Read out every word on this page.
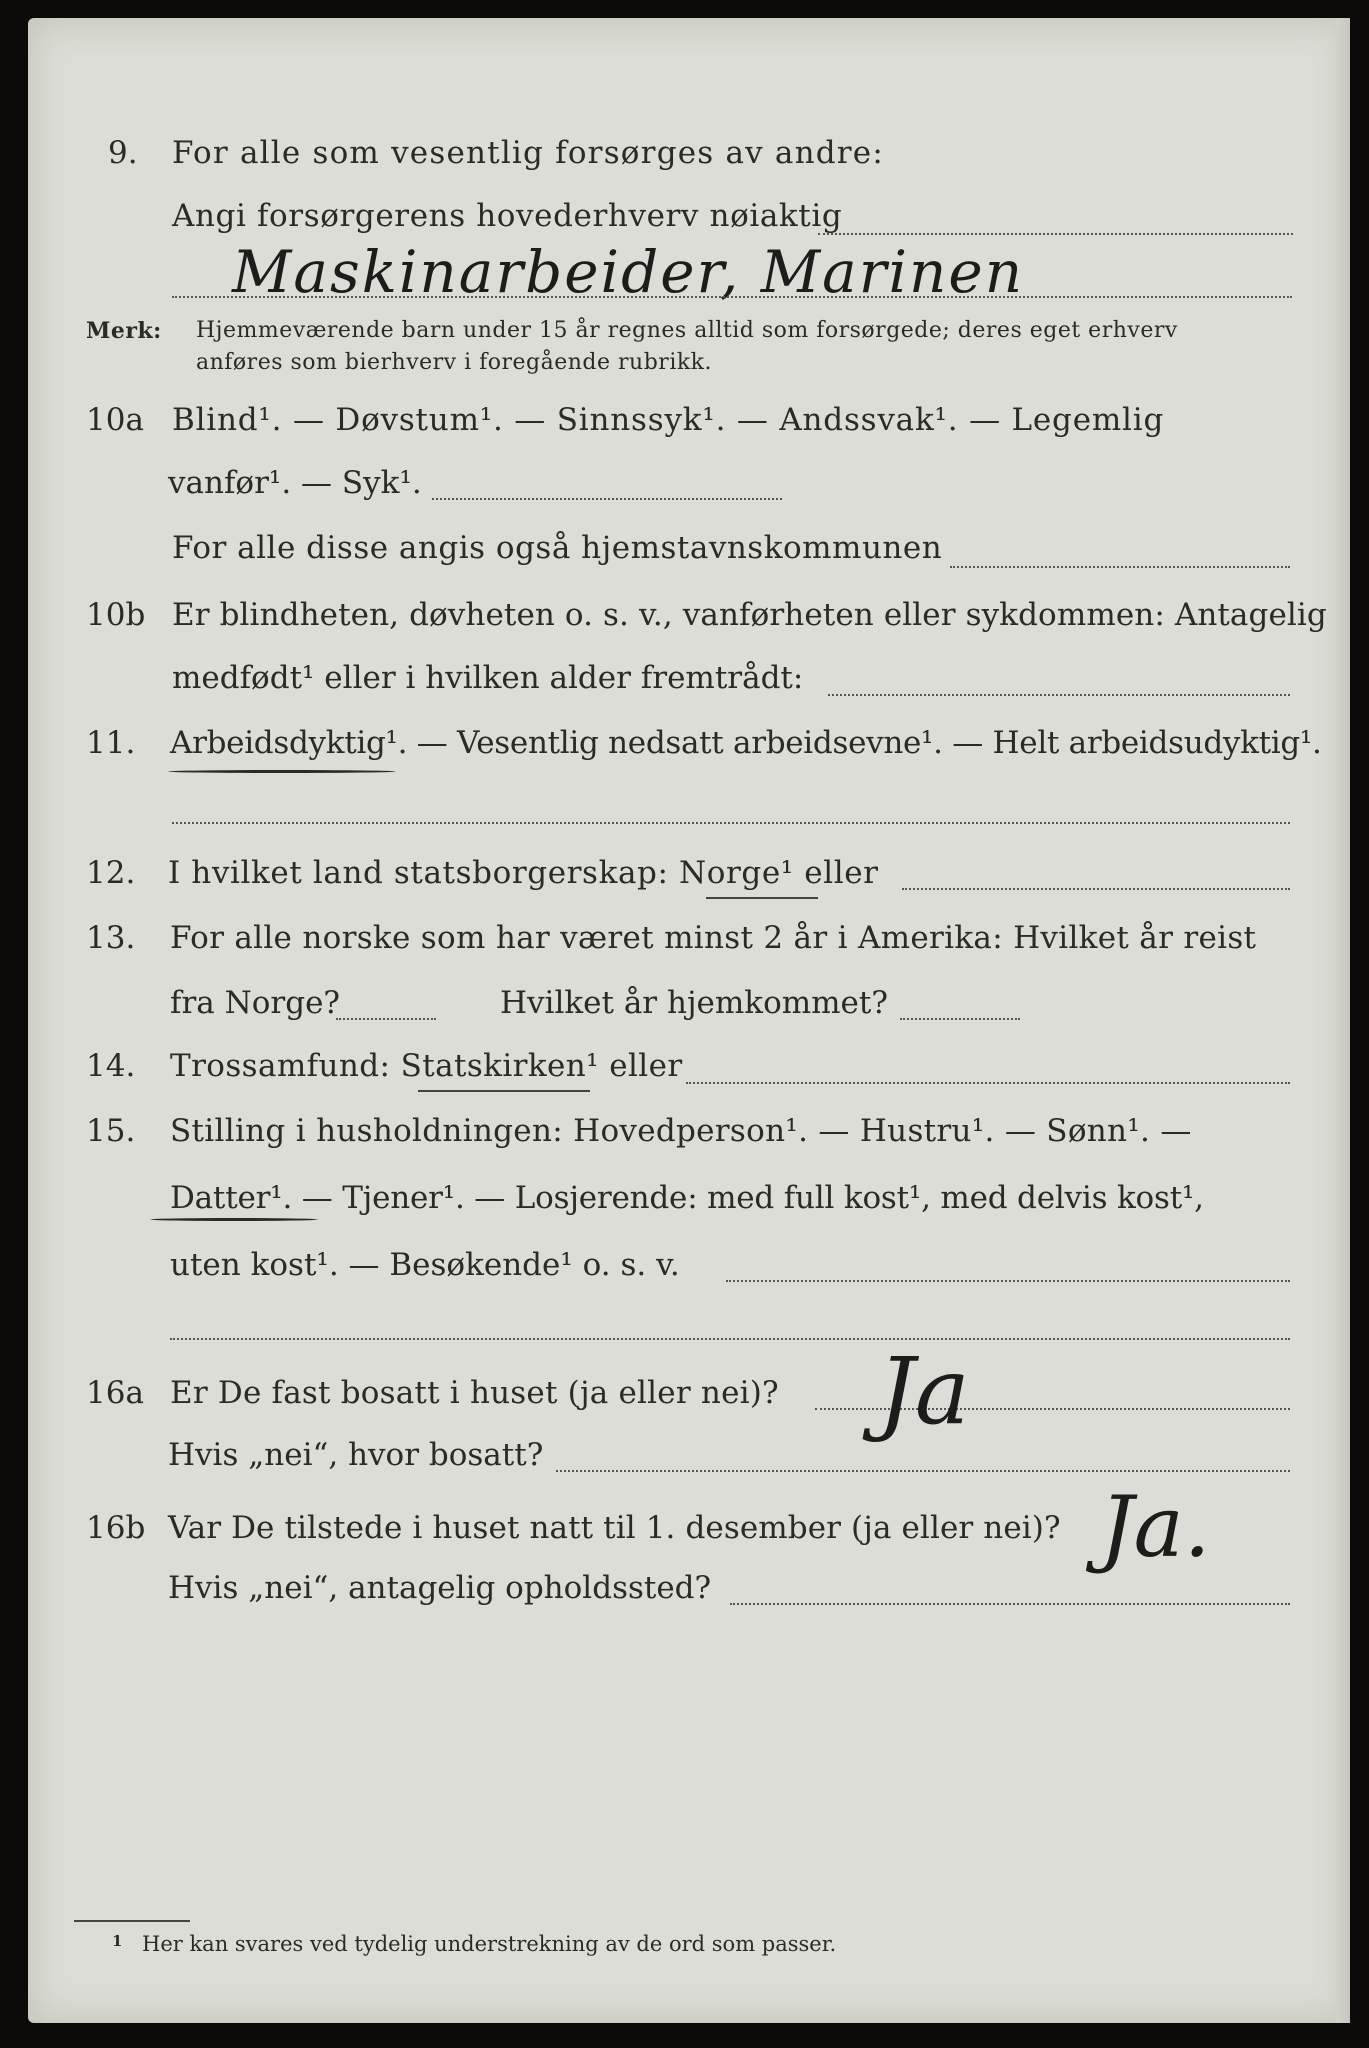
9. For alle som vesentlig forsørges av andre:
Angi forsørgerens hovederhverv nøiaktig
Maskinarbeider, Marinen
Merk: Hjemmeværende barn under 15 år regnes alltid som forsørgede; deres eget erhverv
anføres som bierhverv i foregående rubrikk.
10a Blind¹. — Døvstum¹. — Sinnssyk¹. — Andssvak¹. — Legemlig
vanfør¹. — Syk¹.
For alle disse angis også hjemstavnskommunen
10b Er blindheten, døvheten o. s. v., vanførheten eller sykdommen: Antagelig
medfødt¹ eller i hvilken alder fremtrådt:
11. Arbeidsdyktig¹. — Vesentlig nedsatt arbeidsevne¹. — Helt arbeidsudyktig¹.
12. I hvilket land statsborgerskap: Norge¹ eller
13. For alle norske som har været minst 2 år i Amerika: Hvilket år reist
fra Norge?	Hvilket år hjemkommet?
14. Trossamfund: Statskirken¹ eller
15. Stilling i husholdningen: Hovedperson¹. — Hustru¹. — Sønn¹. —
Datter¹. — Tjener¹. — Losjerende: med full kost¹, med delvis kost¹,
uten kost¹. — Besøkende¹ o. s. v.
16a Er De fast bosatt i huset (ja eller nei)? Ja
Hvis „nei“, hvor bosatt?
16b Var De tilstede i huset natt til 1. desember (ja eller nei)? Ja.
Hvis „nei“, antagelig opholdssted?
1 Her kan svares ved tydelig understrekning av de ord som passer.
